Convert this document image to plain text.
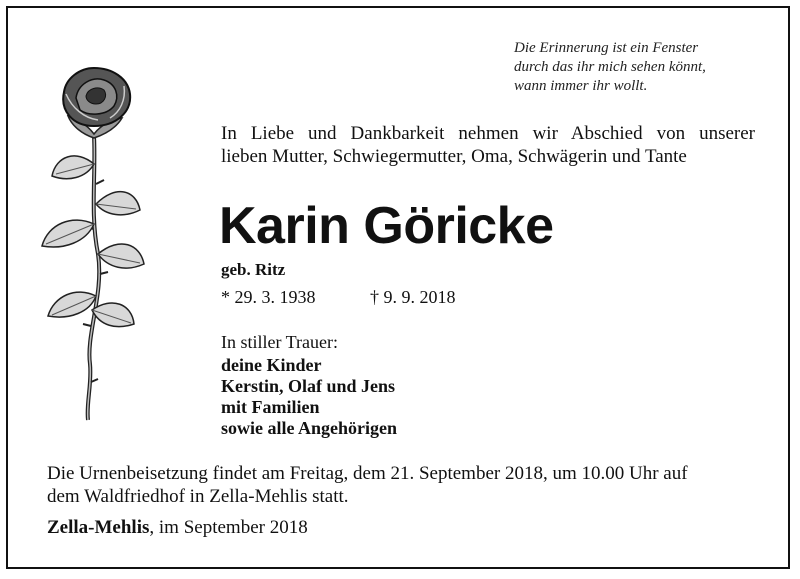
Die Erinnerung ist ein Fenster
durch das ihr mich sehen könnt,
wann immer ihr wollt.
In Liebe und Dankbarkeit nehmen wir Abschied von unserer
lieben Mutter, Schwiegermutter, Oma, Schwägerin und Tante
Karin Göricke
geb. Ritz
* 29. 3. 1938	† 9. 9. 2018
In stiller Trauer:
deine Kinder
Kerstin, Olaf und Jens
mit Familien
sowie alle Angehörigen
Die Urnenbeisetzung findet am Freitag, dem 21. September 2018, um 10.00 Uhr auf
dem Waldfriedhof in Zella-Mehlis statt.
Zella-Mehlis, im September 2018
